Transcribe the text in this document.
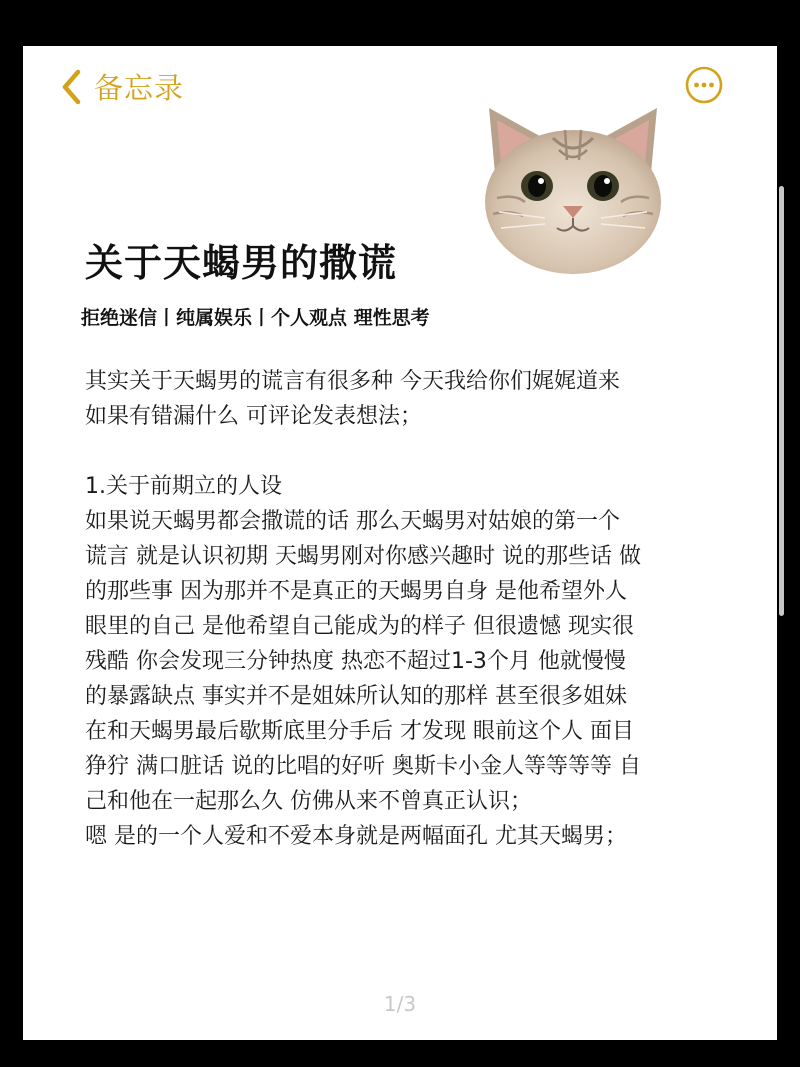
备忘录
关于天蝎男的撒谎
拒绝迷信丨纯属娱乐丨个人观点 理性思考

其实关于天蝎男的谎言有很多种 今天我给你们娓娓道来

如果有错漏什么 可评论发表想法；

1.关于前期立的人设

如果说天蝎男都会撒谎的话 那么天蝎男对姑娘的第一个

谎言 就是认识初期 天蝎男刚对你感兴趣时 说的那些话 做

的那些事 因为那并不是真正的天蝎男自身 是他希望外人

眼里的自己 是他希望自己能成为的样子 但很遗憾 现实很

残酷 你会发现三分钟热度 热恋不超过1-3个月 他就慢慢

的暴露缺点 事实并不是姐妹所认知的那样 甚至很多姐妹

在和天蝎男最后歇斯底里分手后 才发现 眼前这个人 面目

狰狞 满口脏话 说的比唱的好听 奥斯卡小金人等等等等 自

己和他在一起那么久 仿佛从来不曾真正认识；

嗯 是的一个人爱和不爱本身就是两幅面孔 尤其天蝎男；

1/3
